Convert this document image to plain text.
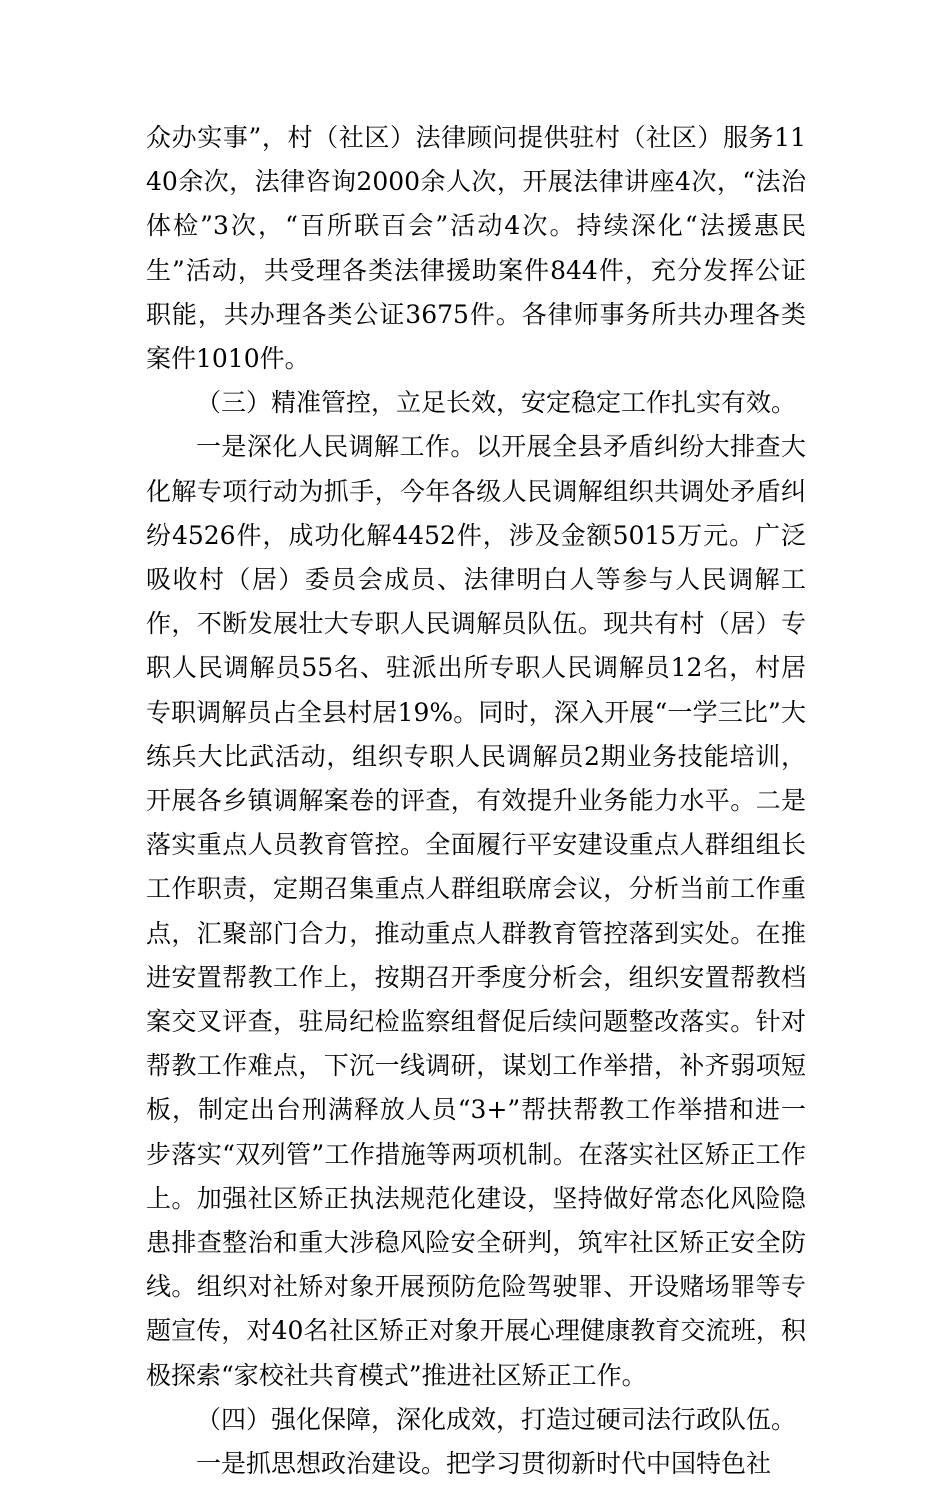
众办实事”，村（社区）法律顾问提供驻村（社区）服务1140余次，法律咨询2000余人次，开展法律讲座4次，“法治体检”3次，“百所联百会”活动4次。持续深化“法援惠民生”活动，共受理各类法律援助案件844件，充分发挥公证职能，共办理各类公证3675件。各律师事务所共办理各类案件1010件。

（三）精准管控，立足长效，安定稳定工作扎实有效。

一是深化人民调解工作。以开展全县矛盾纠纷大排查大化解专项行动为抓手，今年各级人民调解组织共调处矛盾纠纷4526件，成功化解4452件，涉及金额5015万元。广泛吸收村（居）委员会成员、法律明白人等参与人民调解工作，不断发展壮大专职人民调解员队伍。现共有村（居）专职人民调解员55名、驻派出所专职人民调解员12名，村居专职调解员占全县村居19%。同时，深入开展“一学三比”大练兵大比武活动，组织专职人民调解员2期业务技能培训，开展各乡镇调解案卷的评查，有效提升业务能力水平。二是落实重点人员教育管控。全面履行平安建设重点人群组组长工作职责，定期召集重点人群组联席会议，分析当前工作重点，汇聚部门合力，推动重点人群教育管控落到实处。在推进安置帮教工作上，按期召开季度分析会，组织安置帮教档案交叉评查，驻局纪检监察组督促后续问题整改落实。针对帮教工作难点，下沉一线调研，谋划工作举措，补齐弱项短板，制定出台刑满释放人员“3+”帮扶帮教工作举措和进一步落实“双列管”工作措施等两项机制。在落实社区矫正工作上。加强社区矫正执法规范化建设，坚持做好常态化风险隐患排查整治和重大涉稳风险安全研判，筑牢社区矫正安全防线。组织对社矫对象开展预防危险驾驶罪、开设赌场罪等专题宣传，对40名社区矫正对象开展心理健康教育交流班，积极探索“家校社共育模式”推进社区矫正工作。

（四）强化保障，深化成效，打造过硬司法行政队伍。

一是抓思想政治建设。把学习贯彻新时代中国特色社
